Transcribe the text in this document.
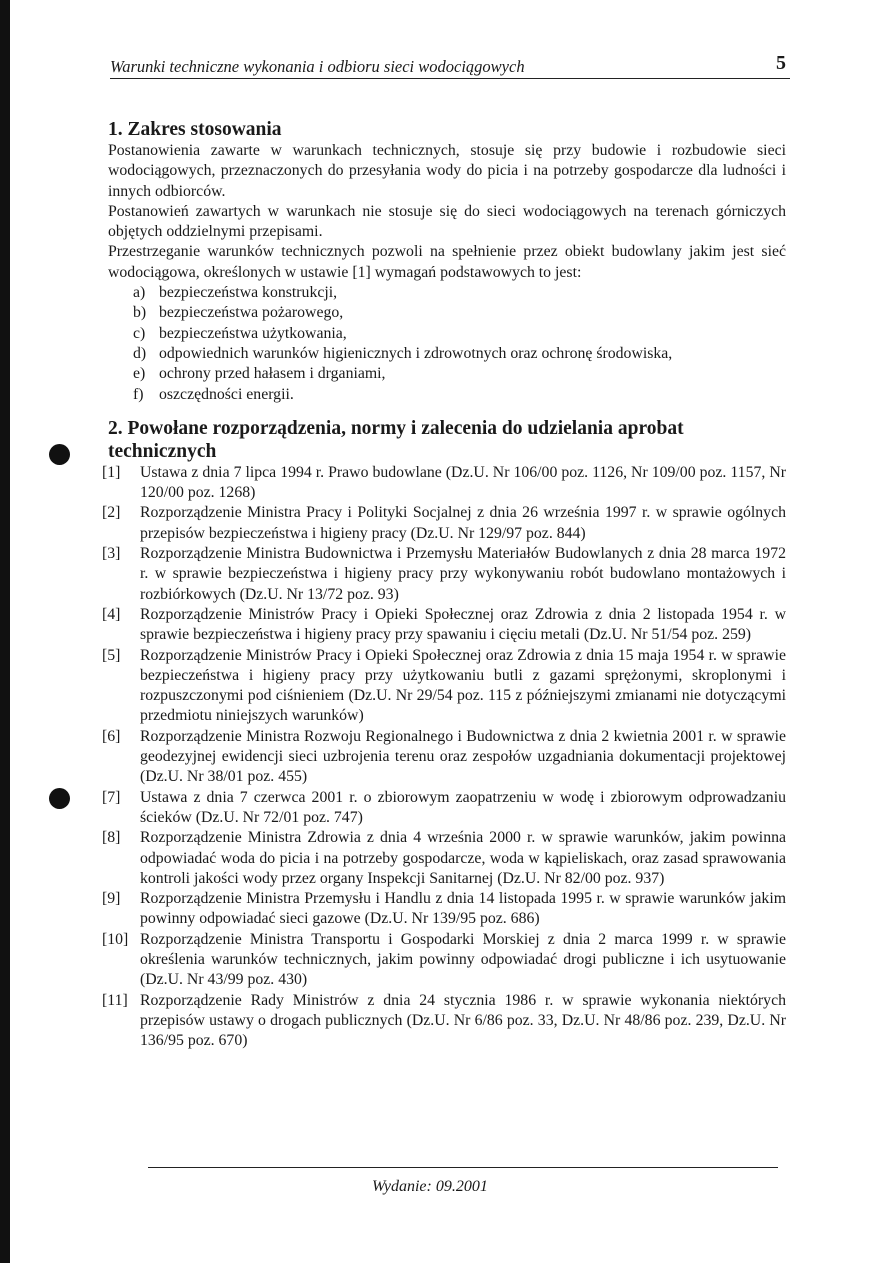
Warunki techniczne wykonania i odbioru sieci wodociągowych	5
1. Zakres stosowania
Postanowienia zawarte w warunkach technicznych, stosuje się przy budowie i rozbudowie sieci wodociągowych, przeznaczonych do przesyłania wody do picia i na potrzeby gospodarcze dla ludności i innych odbiorców.
Postanowień zawartych w warunkach nie stosuje się do sieci wodociągowych na terenach górniczych objętych oddzielnymi przepisami.
Przestrzeganie warunków technicznych pozwoli na spełnienie przez obiekt budowlany jakim jest sieć wodociągowa, określonych w ustawie [1] wymagań podstawowych to jest:
a) bezpieczeństwa konstrukcji,
b) bezpieczeństwa pożarowego,
c) bezpieczeństwa użytkowania,
d) odpowiednich warunków higienicznych i zdrowotnych oraz ochronę środowiska,
e) ochrony przed hałasem i drganiami,
f) oszczędności energii.
2. Powołane rozporządzenia, normy i zalecenia do udzielania aprobat technicznych
[1]	Ustawa z dnia 7 lipca 1994 r. Prawo budowlane (Dz.U. Nr 106/00 poz. 1126, Nr 109/00 poz. 1157, Nr 120/00 poz. 1268)
[2]	Rozporządzenie Ministra Pracy i Polityki Socjalnej z dnia 26 września 1997 r. w sprawie ogólnych przepisów bezpieczeństwa i higieny pracy (Dz.U. Nr 129/97 poz. 844)
[3]	Rozporządzenie Ministra Budownictwa i Przemysłu Materiałów Budowlanych z dnia 28 marca 1972 r. w sprawie bezpieczeństwa i higieny pracy przy wykonywaniu robót budowlano montażowych i rozbiórkowych (Dz.U. Nr 13/72 poz. 93)
[4]	Rozporządzenie Ministrów Pracy i Opieki Społecznej oraz Zdrowia z dnia 2 listopada 1954 r. w sprawie bezpieczeństwa i higieny pracy przy spawaniu i cięciu metali (Dz.U. Nr 51/54 poz. 259)
[5]	Rozporządzenie Ministrów Pracy i Opieki Społecznej oraz Zdrowia z dnia 15 maja 1954 r. w sprawie bezpieczeństwa i higieny pracy przy użytkowaniu butli z gazami sprężonymi, skroplonymi i rozpuszczonymi pod ciśnieniem (Dz.U. Nr 29/54 poz. 115 z późniejszymi zmianami nie dotyczącymi przedmiotu niniejszych warunków)
[6]	Rozporządzenie Ministra Rozwoju Regionalnego i Budownictwa z dnia 2 kwietnia 2001 r. w sprawie geodezyjnej ewidencji sieci uzbrojenia terenu oraz zespołów uzgadniania dokumentacji projektowej (Dz.U. Nr 38/01 poz. 455)
[7]	Ustawa z dnia 7 czerwca 2001 r. o zbiorowym zaopatrzeniu w wodę i zbiorowym odprowadzaniu ścieków (Dz.U. Nr 72/01 poz. 747)
[8]	Rozporządzenie Ministra Zdrowia z dnia 4 września 2000 r. w sprawie warunków, jakim powinna odpowiadać woda do picia i na potrzeby gospodarcze, woda w kąpieliskach, oraz zasad sprawowania kontroli jakości wody przez organy Inspekcji Sanitarnej (Dz.U. Nr 82/00 poz. 937)
[9]	Rozporządzenie Ministra Przemysłu i Handlu z dnia 14 listopada 1995 r. w sprawie warunków jakim powinny odpowiadać sieci gazowe (Dz.U. Nr 139/95 poz. 686)
[10] Rozporządzenie Ministra Transportu i Gospodarki Morskiej z dnia 2 marca 1999 r. w sprawie określenia warunków technicznych, jakim powinny odpowiadać drogi publiczne i ich usytuowanie (Dz.U. Nr 43/99 poz. 430)
[11] Rozporządzenie Rady Ministrów z dnia 24 stycznia 1986 r. w sprawie wykonania niektórych przepisów ustawy o drogach publicznych (Dz.U. Nr 6/86 poz. 33, Dz.U. Nr 48/86 poz. 239, Dz.U. Nr 136/95 poz. 670)
Wydanie: 09.2001
